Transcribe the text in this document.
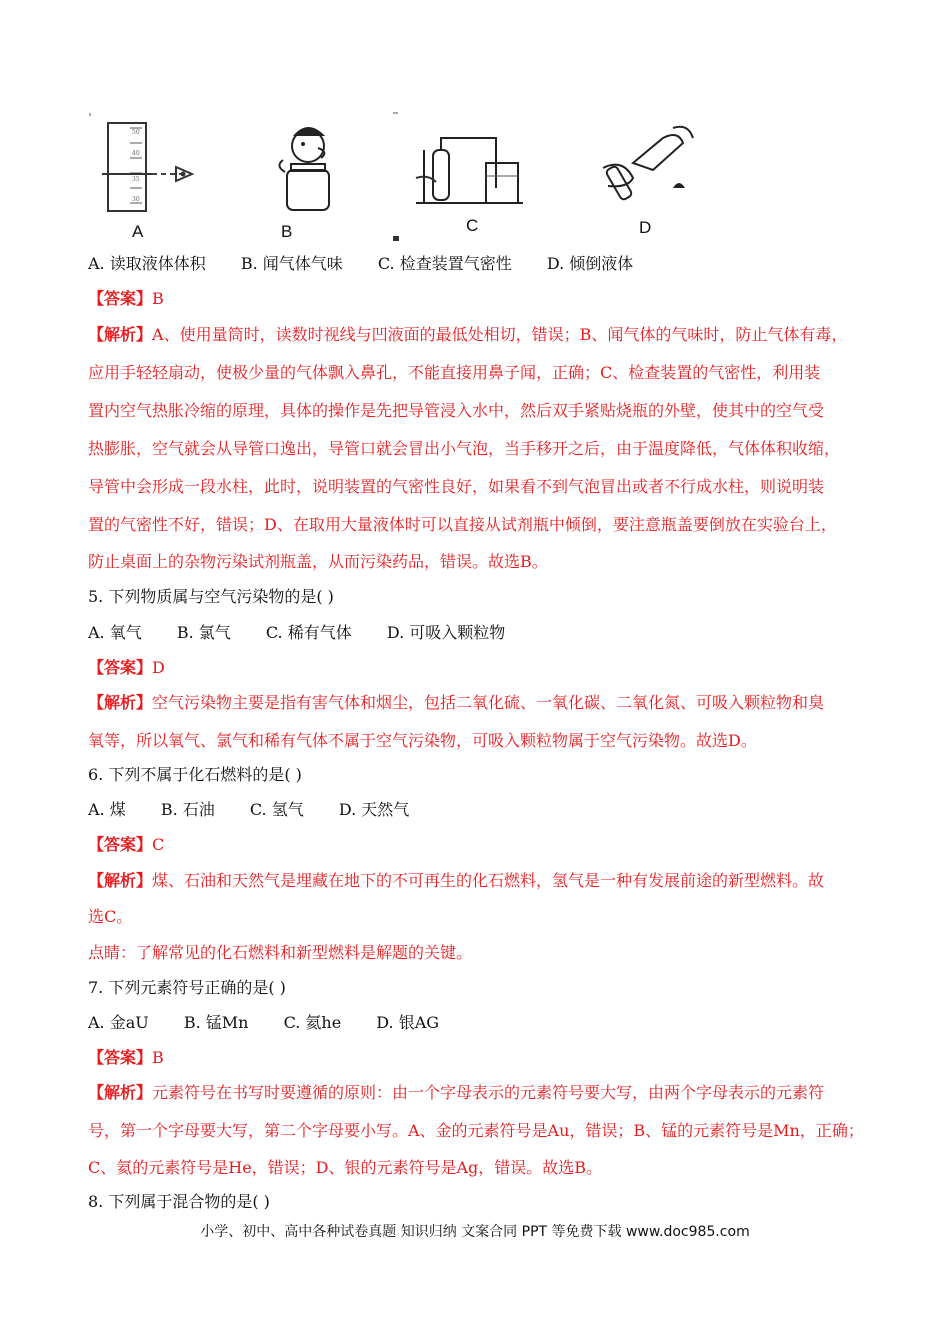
50
40
35
30
A	B	C	D
A. 读取液体体积 B. 闻气体气味 C. 检查装置气密性 D. 倾倒液体
【答案】B
【解析】A、使用量筒时，读数时视线与凹液面的最低处相切，错误；B、闻气体的气味时，防止气体有毒，
应用手轻轻扇动，使极少量的气体飘入鼻孔，不能直接用鼻子闻，正确；C、检查装置的气密性，利用装
置内空气热胀冷缩的原理，具体的操作是先把导管浸入水中，然后双手紧贴烧瓶的外壁，使其中的空气受
热膨胀，空气就会从导管口逸出，导管口就会冒出小气泡，当手移开之后，由于温度降低，气体体积收缩，
导管中会形成一段水柱，此时，说明装置的气密性良好，如果看不到气泡冒出或者不行成水柱，则说明装
置的气密性不好，错误；D、在取用大量液体时可以直接从试剂瓶中倾倒，要注意瓶盖要倒放在实验台上，
防止桌面上的杂物污染试剂瓶盖，从而污染药品，错误。故选B。
5. 下列物质属与空气污染物的是( )
A. 氧气 B. 氯气 C. 稀有气体 D. 可吸入颗粒物
【答案】D
【解析】空气污染物主要是指有害气体和烟尘，包括二氧化硫、一氧化碳、二氧化氮、可吸入颗粒物和臭
氧等，所以氧气、氯气和稀有气体不属于空气污染物，可吸入颗粒物属于空气污染物。故选D。
6. 下列不属于化石燃料的是( )
A. 煤 B. 石油 C. 氢气 D. 天然气
【答案】C
【解析】煤、石油和天然气是埋藏在地下的不可再生的化石燃料，氢气是一种有发展前途的新型燃料。故
选C。
点睛：了解常见的化石燃料和新型燃料是解题的关键。
7. 下列元素符号正确的是( )
A. 金aU B. 锰Mn C. 氦he D. 银AG
【答案】B
【解析】元素符号在书写时要遵循的原则：由一个字母表示的元素符号要大写，由两个字母表示的元素符
号，第一个字母要大写，第二个字母要小写。A、金的元素符号是Au，错误；B、锰的元素符号是Mn，正确；
C、氦的元素符号是He，错误；D、银的元素符号是Ag，错误。故选B。
8. 下列属于混合物的是( )
小学、初中、高中各种试卷真题 知识归纳 文案合同 PPT 等免费下载 www.doc985.com
